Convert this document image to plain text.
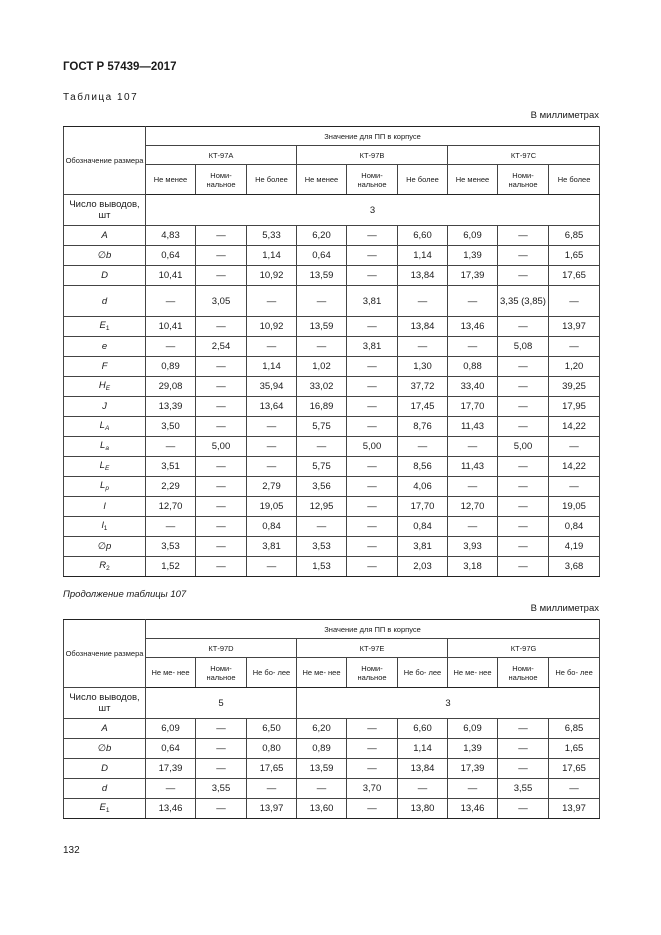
ГОСТ Р 57439—2017
Таблица 107
В миллиметрах
Обозначение размера	Значение для ПП в корпусе								
	КТ-97А			КТ-97В			КТ-97С		
	Не менее	Номи- нальное	Не более	Не менее	Номи- нальное	Не более	Не менее	Номи- нальное	Не более
Число выводов, шт	3								
A	4,83	—	5,33	6,20	—	6,60	6,09	—	6,85
∅b	0,64	—	1,14	0,64	—	1,14	1,39	—	1,65
D	10,41	—	10,92	13,59	—	13,84	17,39	—	17,65
d	—	3,05	—	—	3,81	—	—	3,35 (3,85)	—
$E_1$	10,41	—	10,92	13,59	—	13,84	13,46	—	13,97
e	—	2,54	—	—	3,81	—	—	5,08	—
F	0,89	—	1,14	1,02	—	1,30	0,88	—	1,20
$H_E$	29,08	—	35,94	33,02	—	37,72	33,40	—	39,25
J	13,39	—	13,64	16,89	—	17,45	17,70	—	17,95
$L_A$	3,50	—	—	5,75	—	8,76	11,43	—	14,22
$L_a$	—	5,00	—	—	5,00	—	—	5,00	—
$L_E$	3,51	—	—	5,75	—	8,56	11,43	—	14,22
$L_p$	2,29	—	2,79	3,56	—	4,06	—	—	—
l	12,70	—	19,05	12,95	—	17,70	12,70	—	19,05
$l_1$	—	—	0,84	—	—	0,84	—	—	0,84
∅p	3,53	—	3,81	3,53	—	3,81	3,93	—	4,19
$R_2$	1,52	—	—	1,53	—	2,03	3,18	—	3,68
Продолжение таблицы 107
В миллиметрах
Обозначение размера	Значение для ПП в корпусе								
	КТ-97D			КТ-97Е			КТ-97G		
	Не ме- нее	Номи- нальное	Не бо- лее	Не ме- нее	Номи- нальное	Не бо- лее	Не ме- нее	Номи- нальное	Не бо- лее
Число выводов, шт	5			3					
A	6,09	—	6,50	6,20	—	6,60	6,09	—	6,85
∅b	0,64	—	0,80	0,89	—	1,14	1,39	—	1,65
D	17,39	—	17,65	13,59	—	13,84	17,39	—	17,65
d	—	3,55	—	—	3,70	—	—	3,55	—
$E_1$	13,46	—	13,97	13,60	—	13,80	13,46	—	13,97
132
